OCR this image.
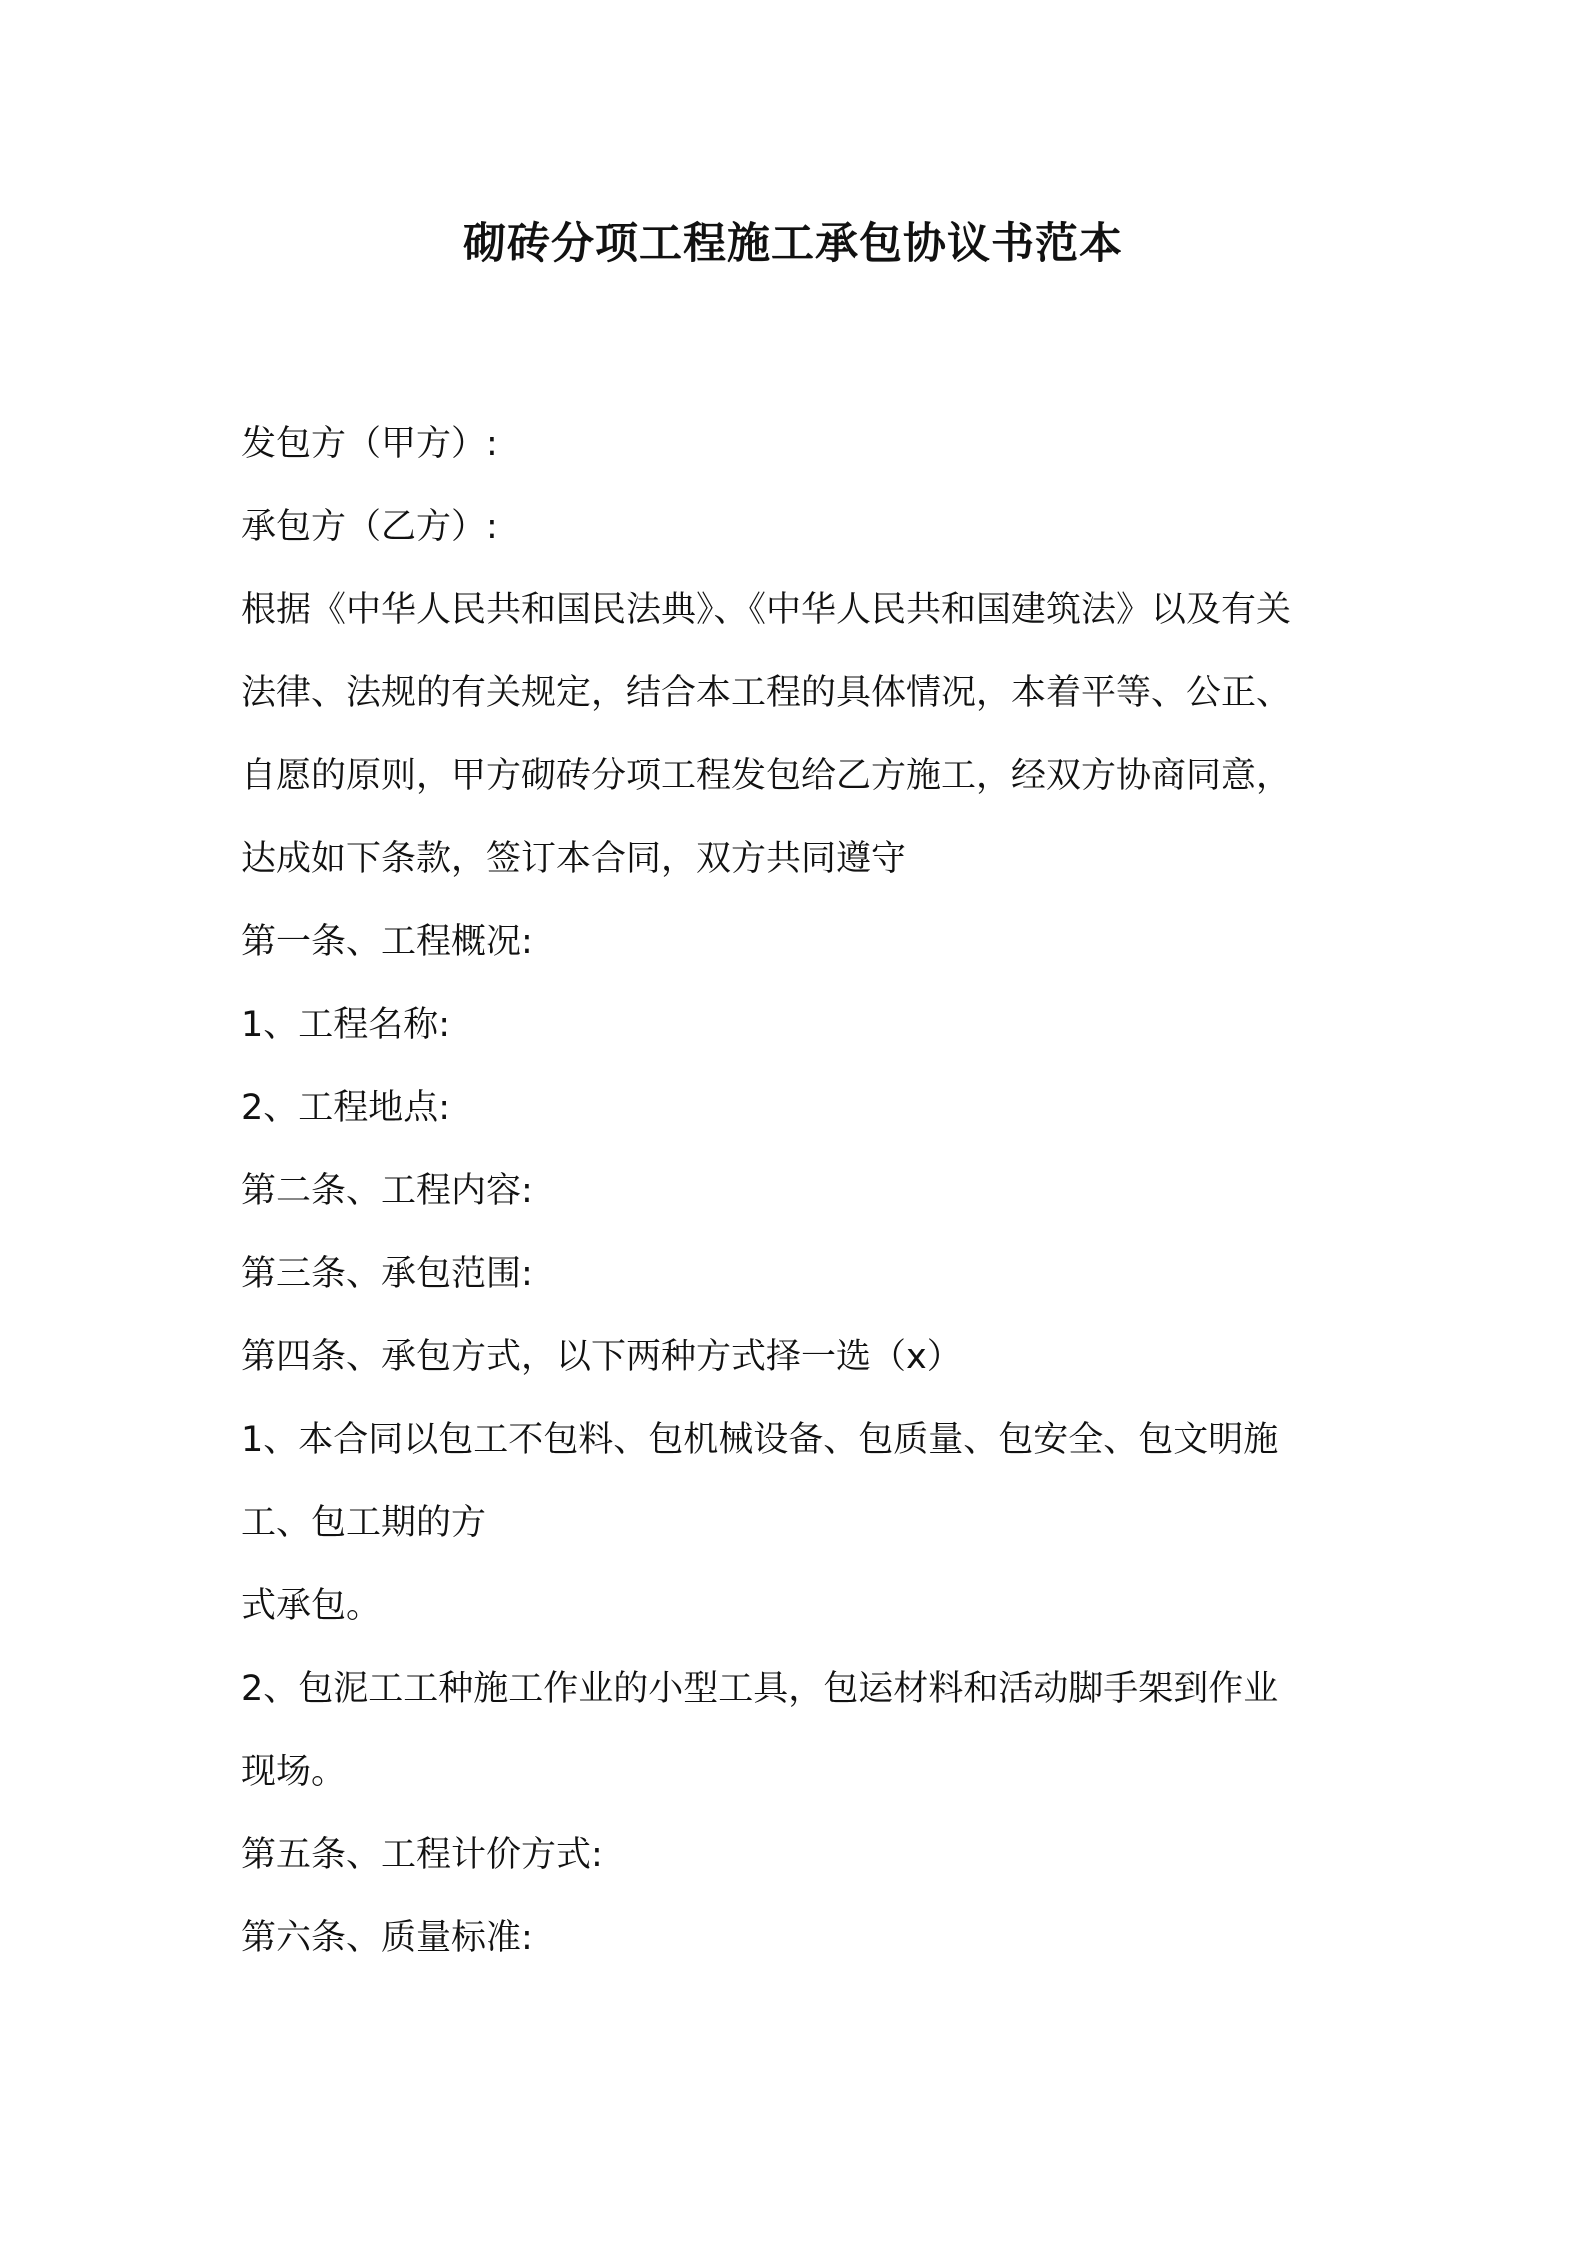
砌砖分项工程施工承包协议书范本

发包方（甲方）:

承包方（乙方）:

根据《中华人民共和国民法典》、《中华人民共和国建筑法》以及有关

法律、法规的有关规定，结合本工程的具体情况，本着平等、公正、

自愿的原则，甲方砌砖分项工程发包给乙方施工，经双方协商同意，

达成如下条款，签订本合同，双方共同遵守

第一条、工程概况:

1、工程名称:

2、工程地点:

第二条、工程内容:

第三条、承包范围:

第四条、承包方式，以下两种方式择一选（x）

1、本合同以包工不包料、包机械设备、包质量、包安全、包文明施

工、包工期的方

式承包。

2、包泥工工种施工作业的小型工具，包运材料和活动脚手架到作业

现场。

第五条、工程计价方式:

第六条、质量标准:
